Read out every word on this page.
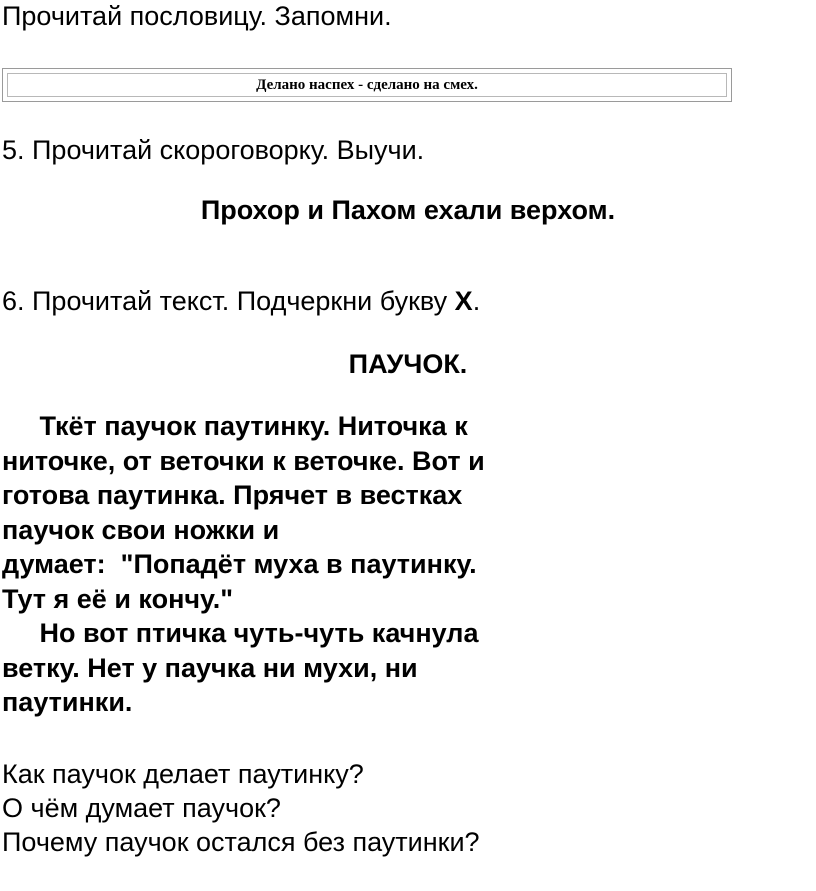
Прочитай пословицу. Запомни.

Делано наспех - сделано на смех.

5. Прочитай скороговорку. Выучи.

Прохор и Пахом ехали верхом.

6. Прочитай текст. Подчеркни букву Х.

ПАУЧОК.

Ткёт паучок паутинку. Ниточка к
ниточке, от веточки к веточке. Вот и
готова паутинка. Прячет в вестках
паучок свои ножки и
думает:  "Попадёт муха в паутинку.
Тут я её и кончу."
Но вот птичка чуть-чуть качнула
ветку. Нет у паучка ни мухи, ни
паутинки.
Как паучок делает паутинку?
О чём думает паучок?
Почему паучок остался без паутинки?
